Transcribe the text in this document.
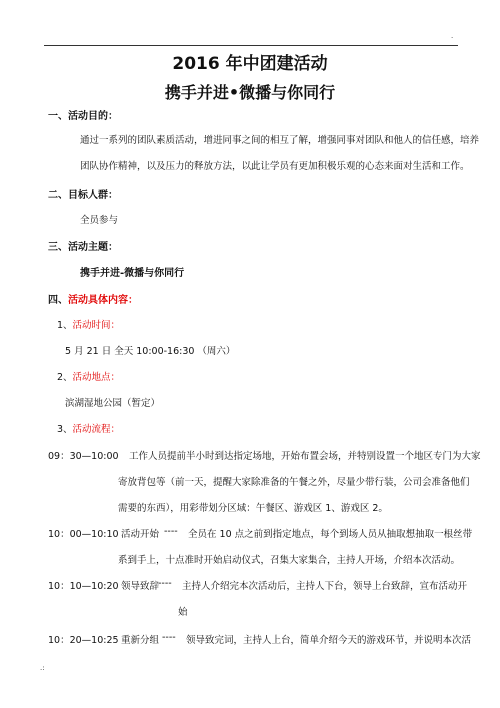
·
2016 年中团建活动
携手并进•微播与你同行
一、活动目的：
通过一系列的团队素质活动，增进同事之间的相互了解，增强同事对团队和他人的信任感，培养
团队协作精神，以及压力的释放方法，以此让学员有更加积极乐观的心态来面对生活和工作。
二、目标人群：
全员参与
三、活动主题：
携手并进-微播与你同行
四、活动具体内容：
1、活动时间：
5 月 21 日 全天 10:00-16:30 （周六）
2、活动地点：
滨湖湿地公园（暂定）
3、活动流程：
09：30—10:00 工作人员提前半小时到达指定场地，开始布置会场，并特别设置一个地区专门为大家
寄放背包等（前一天，提醒大家除准备的午餐之外，尽量少带行装，公司会准备他们
需要的东西），用彩带划分区域：午餐区、游戏区 1、游戏区 2。
10：00—10:10 活动开始 ---- 全员在 10 点之前到指定地点，每个到场人员从抽取想抽取一根丝带
系到手上，十点准时开始启动仪式，召集大家集合，主持人开场，介绍本次活动。
10：10—10:20 领导致辞
---- 主持人介绍完本次活动后，主持人下台，领导上台致辞，宣布活动开
始
10：20—10:25 重新分组 ---- 领导致完词，主持人上台，简单介绍今天的游戏环节，并说明本次活
.:
